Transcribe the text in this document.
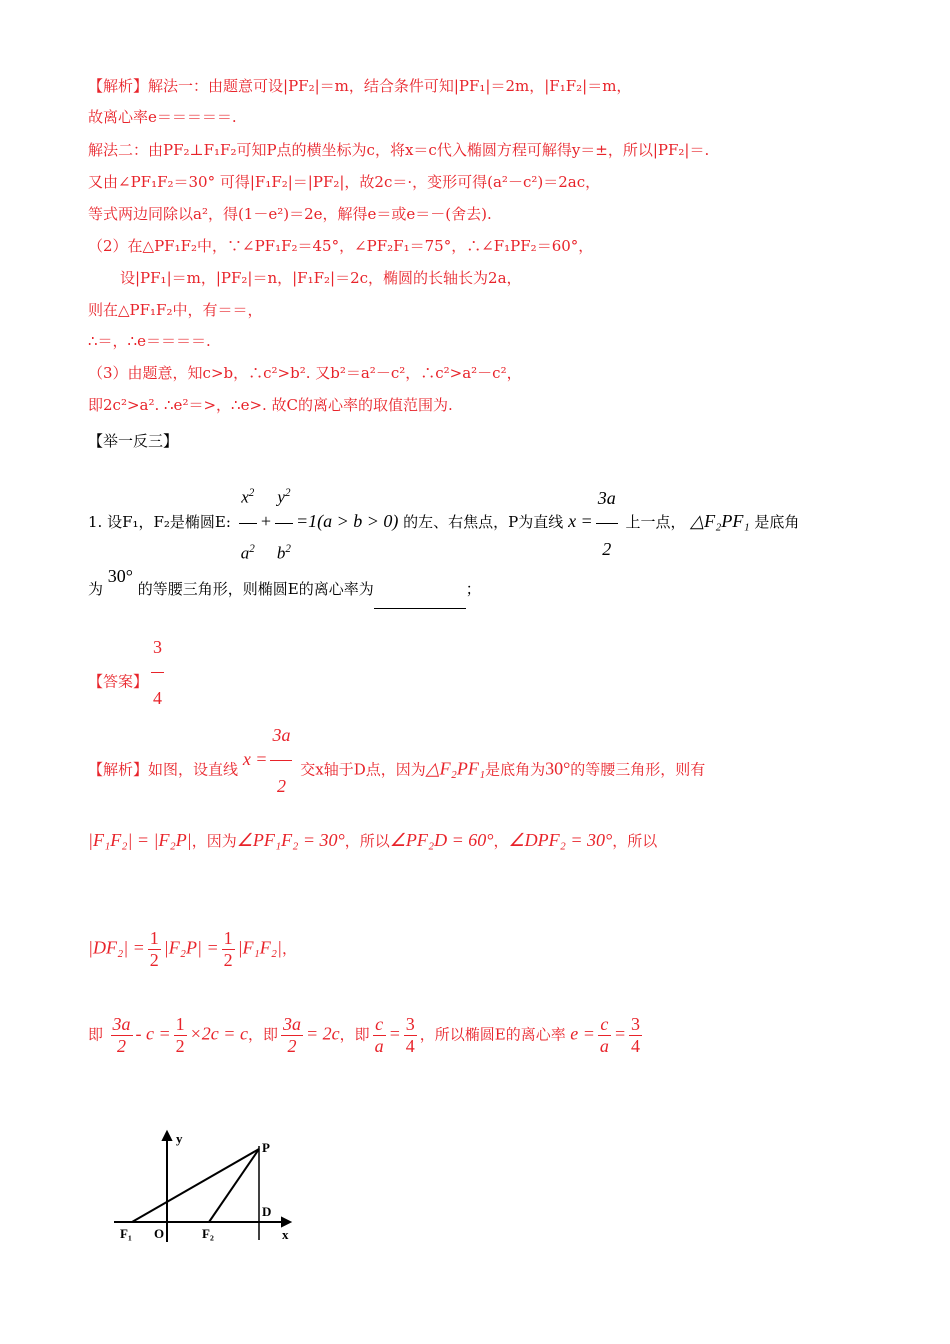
【解析】解法一：由题意可设|PF₂|＝m，结合条件可知|PF₁|＝2m，|F₁F₂|＝m，
故离心率e＝＝＝＝＝.
解法二：由PF₂⊥F₁F₂可知P点的横坐标为c，将x＝c代入椭圆方程可解得y＝±，所以|PF₂|＝.
又由∠PF₁F₂＝30° 可得|F₁F₂|＝|PF₂|，故2c＝·，变形可得(a²－c²)＝2ac，
等式两边同除以a²，得(1－e²)＝2e，解得e＝或e＝－(舍去).
（2）在△PF₁F₂中，∵∠PF₁F₂＝45°，∠PF₂F₁＝75°，∴∠F₁PF₂＝60°，
设|PF₁|＝m，|PF₂|＝n，|F₁F₂|＝2c，椭圆的长轴长为2a，
则在△PF₁F₂中，有＝＝，
∴＝，∴e＝＝＝＝.
（3）由题意，知c>b，∴c²>b². 又b²＝a²－c²，∴c²>a²－c²，
即2c²>a². ∴e²＝>，∴e>. 故C的离心率的取值范围为.
【举一反三】
1. 设F₁，F₂是椭圆E: $\frac{x^2}{a^2} + \frac{y^2}{b^2} =1(a > b > 0)$ 的左、右焦点，P为直线 $x = \frac{3a}{2}$ 上一点， △F₂PF₁ 是底角
为 30° 的等腰三角形，则椭圆E的离心率为	；
【答案】 $\frac{3}{4}$
【解析】如图，设直线 $x = \frac{3a}{2}$ 交x轴于D点，因为△F₂PF₁是底角为30°的等腰三角形，则有
|F₁F₂| = |F₂P|，因为∠PF₁F₂ = 30°，所以∠PF₂D = 60°，∠DPF₂ = 30°，所以
$|DF_2| = \frac{1}{2} |F_2P| = \frac{1}{2} |F_1F_2|$，
即 $\frac{3a}{2} - c = \frac{1}{2} \times 2c = c$，即 $\frac{3a}{2} = 2c$，即 $\frac{c}{a} = \frac{3}{4}$ ，所以椭圆E的离心率 $e = \frac{c}{a} = \frac{3}{4}$
y
x
P
D
O
F₁	F₂
